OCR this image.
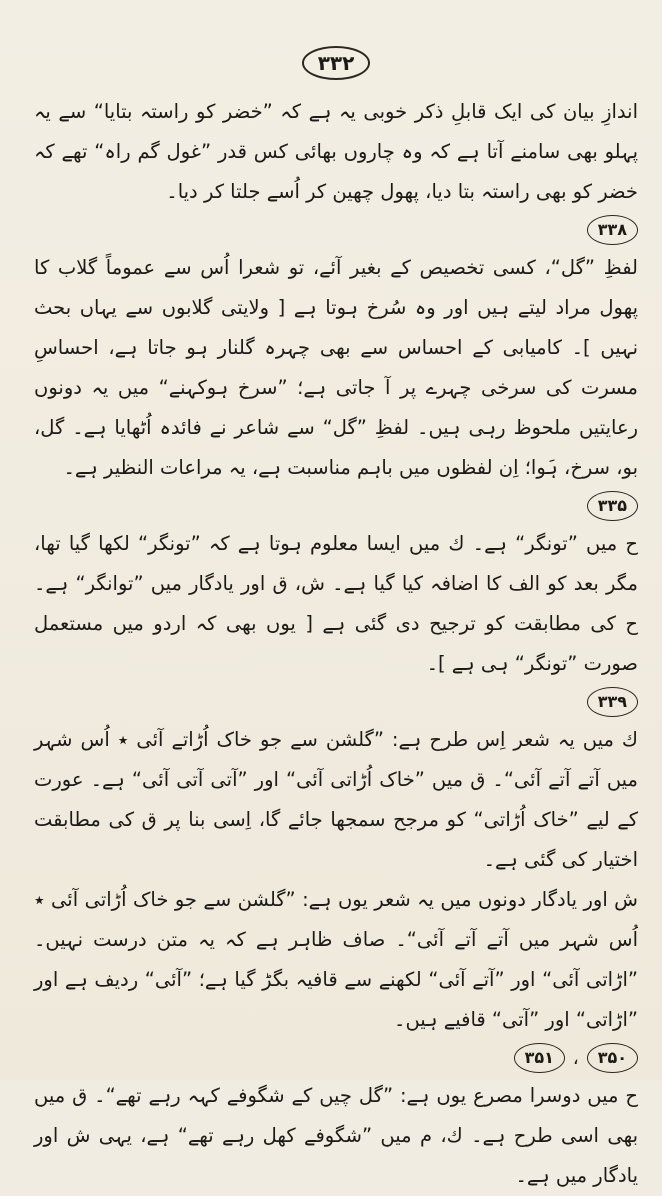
۳۳۲

اندازِ بیان کی ایک قابلِ ذکر خوبی یہ ہے کہ ”خضر کو راستہ بتایا“ سے یہ پہلو بھی سامنے آتا ہے کہ وہ چاروں بھائی کس قدر ”غول گم راہ“ تھے کہ خضر کو بھی راستہ بتا دیا، پھول چھین کر اُسے جلتا کر دیا۔

۳۳۸

لفظِ ”گل“، کسی تخصیص کے بغیر آئے، تو شعرا اُس سے عموماً گلاب کا پھول مراد لیتے ہیں اور وہ سُرخ ہوتا ہے [ ولایتی گلابوں سے یہاں بحث نہیں ]۔ کامیابی کے احساس سے بھی چہرہ گلنار ہو جاتا ہے، احساسِ مسرت کی سرخی چہرے پر آ جاتی ہے؛ ”سرخ ہوکہنے“ میں یہ دونوں رعایتیں ملحوظ رہی ہیں۔ لفظِ ”گل“ سے شاعر نے فائدہ اُٹھایا ہے۔ گل، بو، سرخ، ہَوا؛ اِن لفظوں میں باہم مناسبت ہے، یہ مراعات النظیر ہے۔

۳۳۵

ح میں ”تونگر“ ہے۔ ك میں ایسا معلوم ہوتا ہے کہ ”تونگر“ لکھا گیا تھا، مگر بعد کو الف کا اضافہ کیا گیا ہے۔ ش، ق اور یادگار میں ”توانگر“ ہے۔ ح کی مطابقت کو ترجیح دی گئی ہے [ یوں بھی کہ اردو میں مستعمل صورت ”تونگر“ ہی ہے ]۔

۳۳۹

ك میں یہ شعر اِس طرح ہے: ”گلشن سے جو خاک اُڑاتے آئی ٭ اُس شہر میں آتے آتے آئی“۔ ق میں ”خاک اُڑاتی آئی“ اور ”آتی آتی آئی“ ہے۔ عورت کے لیے ”خاک اُڑاتی“ کو مرجح سمجھا جائے گا، اِسی بنا پر ق کی مطابقت اختیار کی گئی ہے۔

ش اور یادگار دونوں میں یہ شعر یوں ہے: ”گلشن سے جو خاک اُڑاتی آئی ٭ اُس شہر میں آتے آتے آئی“۔ صاف ظاہر ہے کہ یہ متن درست نہیں۔ ”اڑاتی آئی“ اور ”آتے آئی“ لکھنے سے قافیہ بگڑ گیا ہے؛ ”آئی“ ردیف ہے اور ”اڑاتی“ اور ”آتی“ قافیے ہیں۔

۳۵۰
،
۳۵۱

ح میں دوسرا مصرع یوں ہے: ”گل چیں کے شگوفے کہہ رہے تھے“۔ ق میں بھی اسی طرح ہے۔ ك، م میں ”شگوفے کھل رہے تھے“ ہے، یہی ش اور یادگار میں ہے۔
